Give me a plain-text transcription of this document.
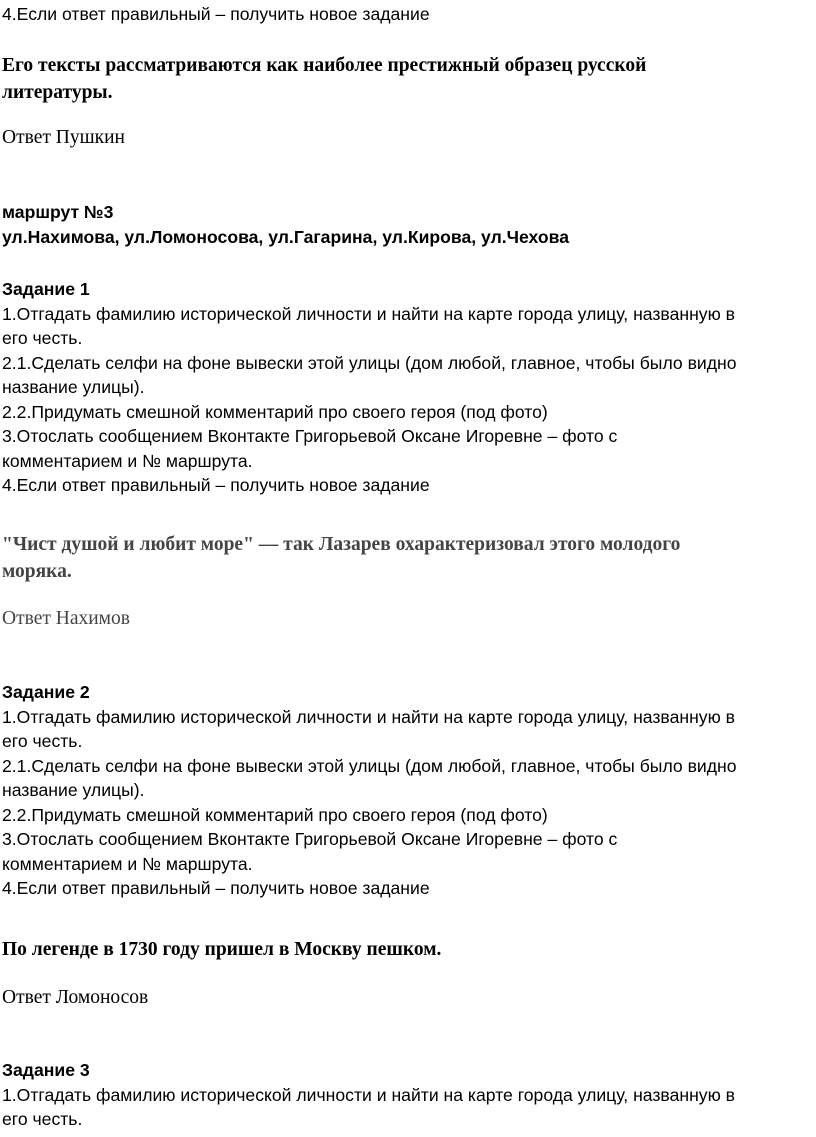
4.Если ответ правильный – получить новое задание
Его тексты рассматриваются как наиболее престижный образец русской
литературы.
Ответ Пушкин
маршрут №3
ул.Нахимова, ул.Ломоносова, ул.Гагарина, ул.Кирова, ул.Чехова
Задание 1
1.Отгадать фамилию исторической личности и найти на карте города улицу, названную в
его честь.
2.1.Сделать селфи на фоне вывески этой улицы (дом любой, главное, чтобы было видно
название улицы).
2.2.Придумать смешной комментарий про своего героя (под фото)
3.Отослать сообщением Вконтакте Григорьевой Оксане Игоревне – фото с
комментарием и № маршрута.
4.Если ответ правильный – получить новое задание
"Чист душой и любит море" — так Лазарев охарактеризовал этого молодого
моряка.
Ответ Нахимов
Задание 2
1.Отгадать фамилию исторической личности и найти на карте города улицу, названную в
его честь.
2.1.Сделать селфи на фоне вывески этой улицы (дом любой, главное, чтобы было видно
название улицы).
2.2.Придумать смешной комментарий про своего героя (под фото)
3.Отослать сообщением Вконтакте Григорьевой Оксане Игоревне – фото с
комментарием и № маршрута.
4.Если ответ правильный – получить новое задание
По легенде в 1730 году пришел в Москву пешком.
Ответ Ломоносов
Задание 3
1.Отгадать фамилию исторической личности и найти на карте города улицу, названную в
его честь.
